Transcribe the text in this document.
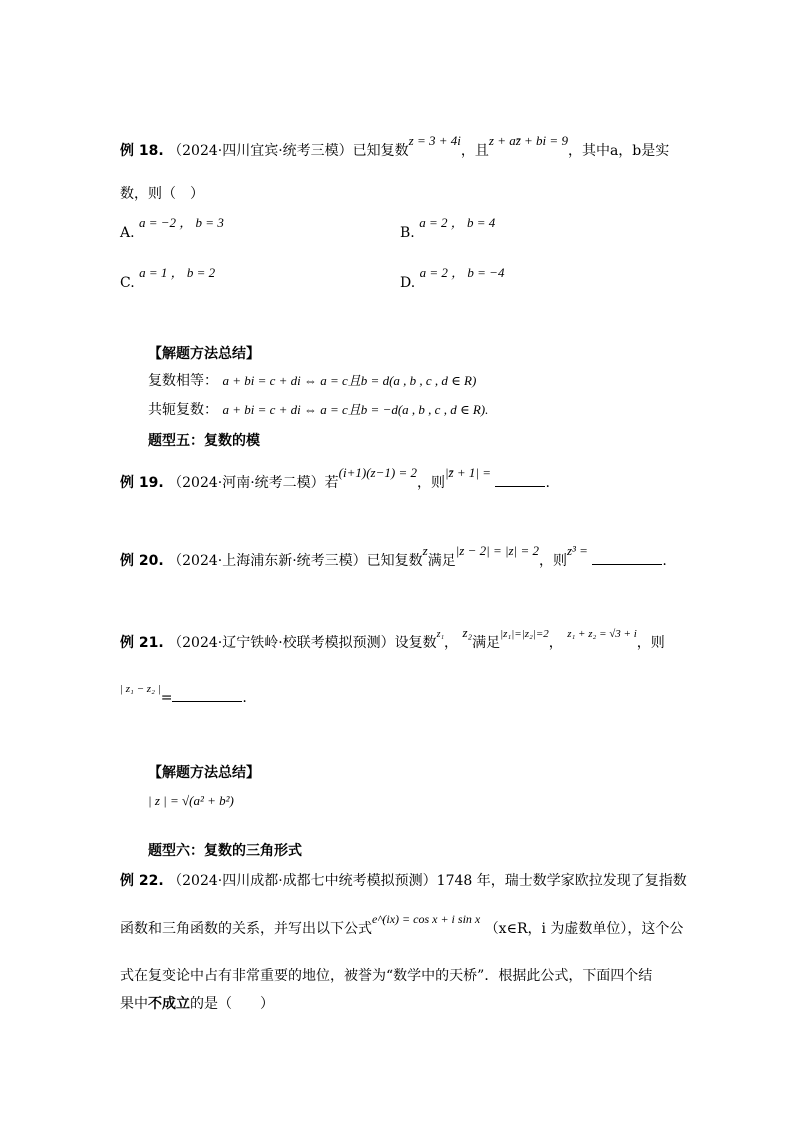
例 18. （2024·四川宜宾·统考三模）已知复数z = 3 + 4i，且z + az̄ + bi = 9，其中a，b是实
数，则（　）
A. a = −2 ， b = 3
B. a = 2 ， b = 4
C. a = 1 ， b = 2
D. a = 2 ， b = −4
【解题方法总结】
复数相等： a + bi = c + di ⇔ a = c且b = d(a , b , c , d ∈ R)
共轭复数： a + bi = c + di ⇔ a = c且b = −d(a , b , c , d ∈ R).
题型五：复数的模
例 19. （2024·河南·统考二模）若(i+1)(z−1) = 2，则|z̄ + 1| = .
例 20. （2024·上海浦东新·统考三模）已知复数z满足|z − 2| = |z| = 2，则z³ = .
例 21. （2024·辽宁铁岭·校联考模拟预测）设复数$^{z_1}$， z₂满足$^{|z_1|=|z_2|=2}$， $^{z_1 + z_2 = √3 + i}$，则
$^{| z_1 - z_2 |}$=	.
【解题方法总结】
| z | = √(a² + b²)
题型六：复数的三角形式
例 22. （2024·四川成都·成都七中统考模拟预测）1748 年，瑞士数学家欧拉发现了复指数
函数和三角函数的关系，并写出以下公式e^(ix) = cos x + i sin x （x∈R，i 为虚数单位），这个公
式在复变论中占有非常重要的地位，被誉为“数学中的天桥”．根据此公式，下面四个结
果中不成立的是（　　）
